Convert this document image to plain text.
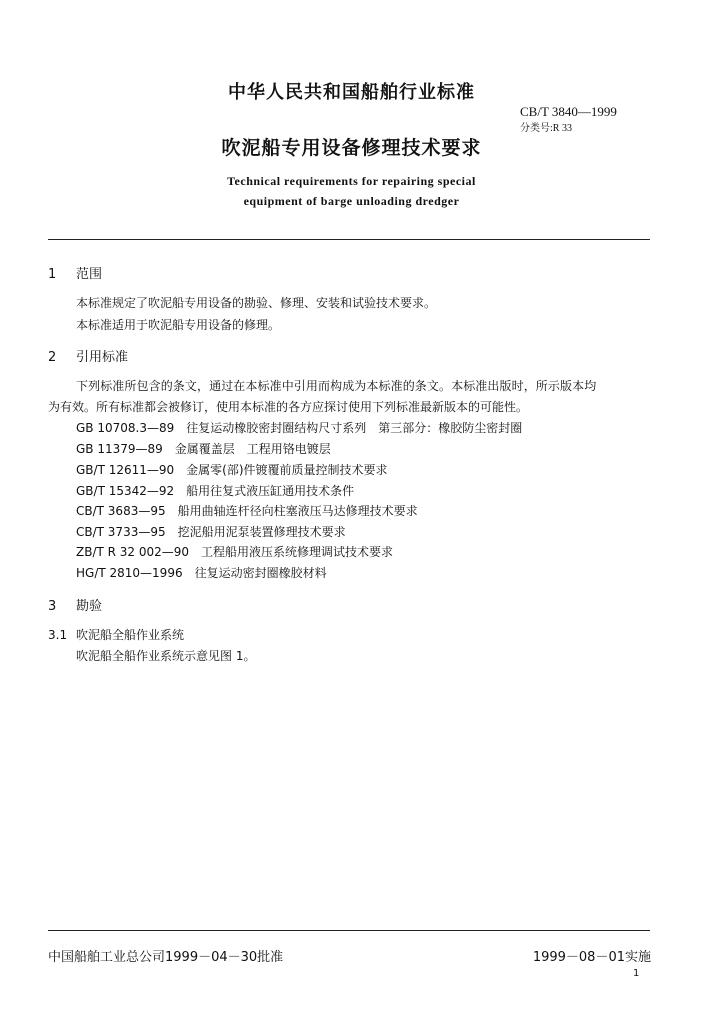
中华人民共和国船舶行业标准
CB/T 3840—1999
分类号:R 33
吹泥船专用设备修理技术要求
Technical requirements for repairing special
equipment of barge unloading dredger
1 范围
本标准规定了吹泥船专用设备的勘验、修理、安装和试验技术要求。
本标准适用于吹泥船专用设备的修理。
2 引用标准
下列标准所包含的条文，通过在本标准中引用而构成为本标准的条文。本标准出版时，所示版本均
为有效。所有标准都会被修订，使用本标准的各方应探讨使用下列标准最新版本的可能性。
GB 10708.3—89　往复运动橡胶密封圈结构尺寸系列　第三部分：橡胶防尘密封圈
GB 11379—89　金属覆盖层　工程用铬电镀层
GB/T 12611—90　金属零(部)件镀覆前质量控制技术要求
GB/T 15342—92　船用往复式液压缸通用技术条件
CB/T 3683—95　船用曲轴连杆径向柱塞液压马达修理技术要求
CB/T 3733—95　挖泥船用泥泵装置修理技术要求
ZB/T R 32 002—90　工程船用液压系统修理调试技术要求
HG/T 2810—1996　往复运动密封圈橡胶材料
3 勘验
3.1 吹泥船全船作业系统
吹泥船全船作业系统示意见图 1。
中国船舶工业总公司1999－04－30批准	1999－08－01实施
1
